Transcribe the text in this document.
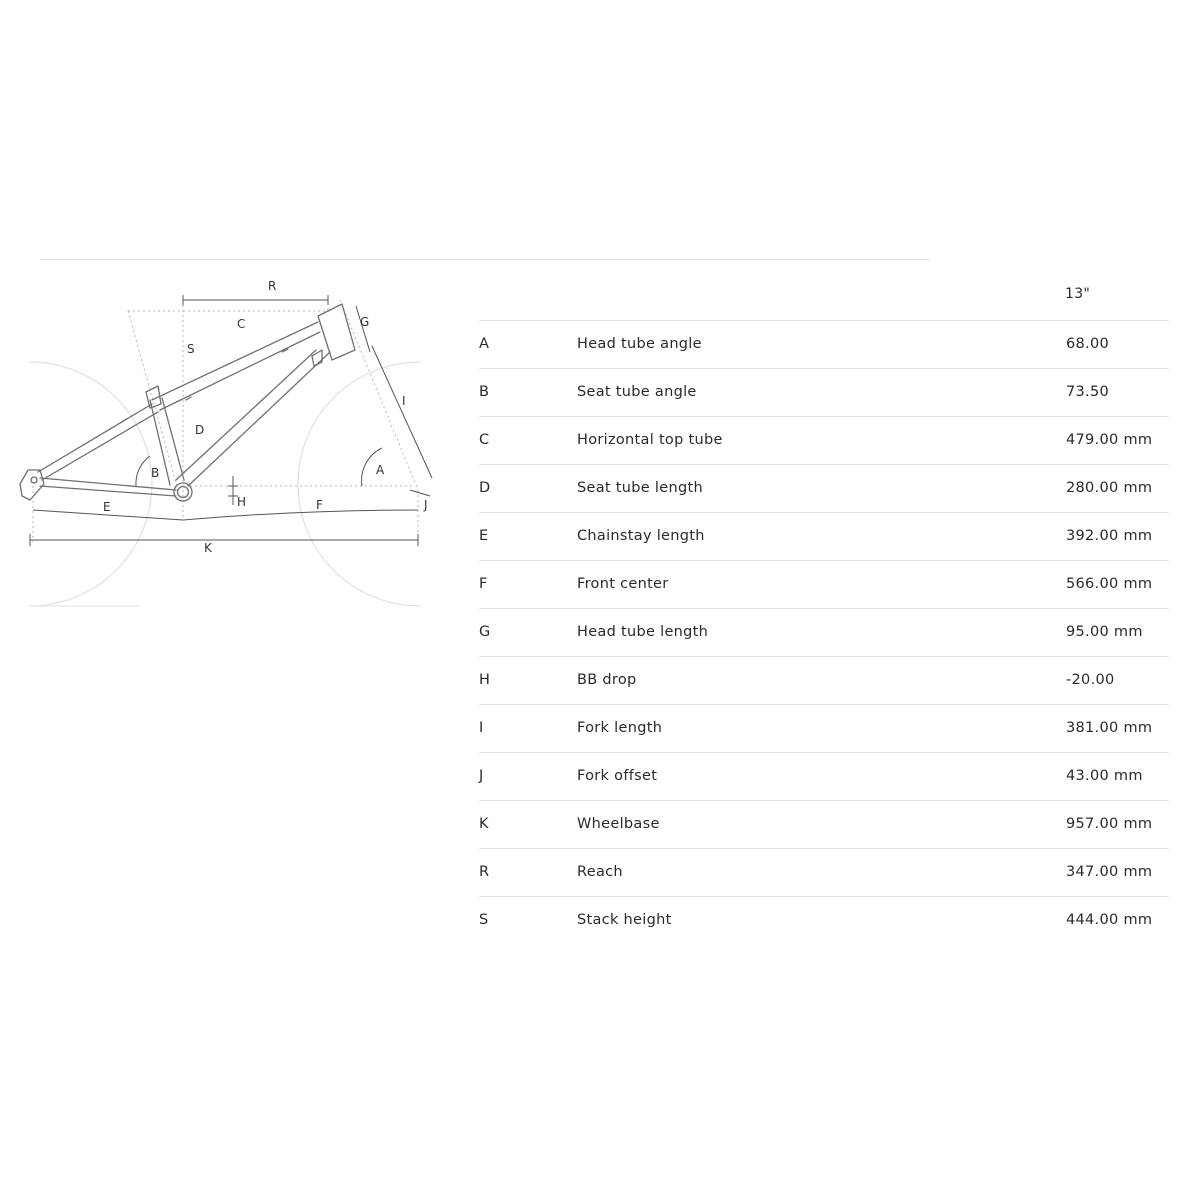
R
C
S
G
I
D
B	A
H
E	F	J
K
13"
A	Head tube angle	68.00
B	Seat tube angle	73.50
C	Horizontal top tube	479.00 mm
D	Seat tube length	280.00 mm
E	Chainstay length	392.00 mm
F	Front center	566.00 mm
G	Head tube length	95.00 mm
H	BB drop	-20.00
I	Fork length	381.00 mm
J	Fork offset	43.00 mm
K	Wheelbase	957.00 mm
R	Reach	347.00 mm
S	Stack height	444.00 mm
